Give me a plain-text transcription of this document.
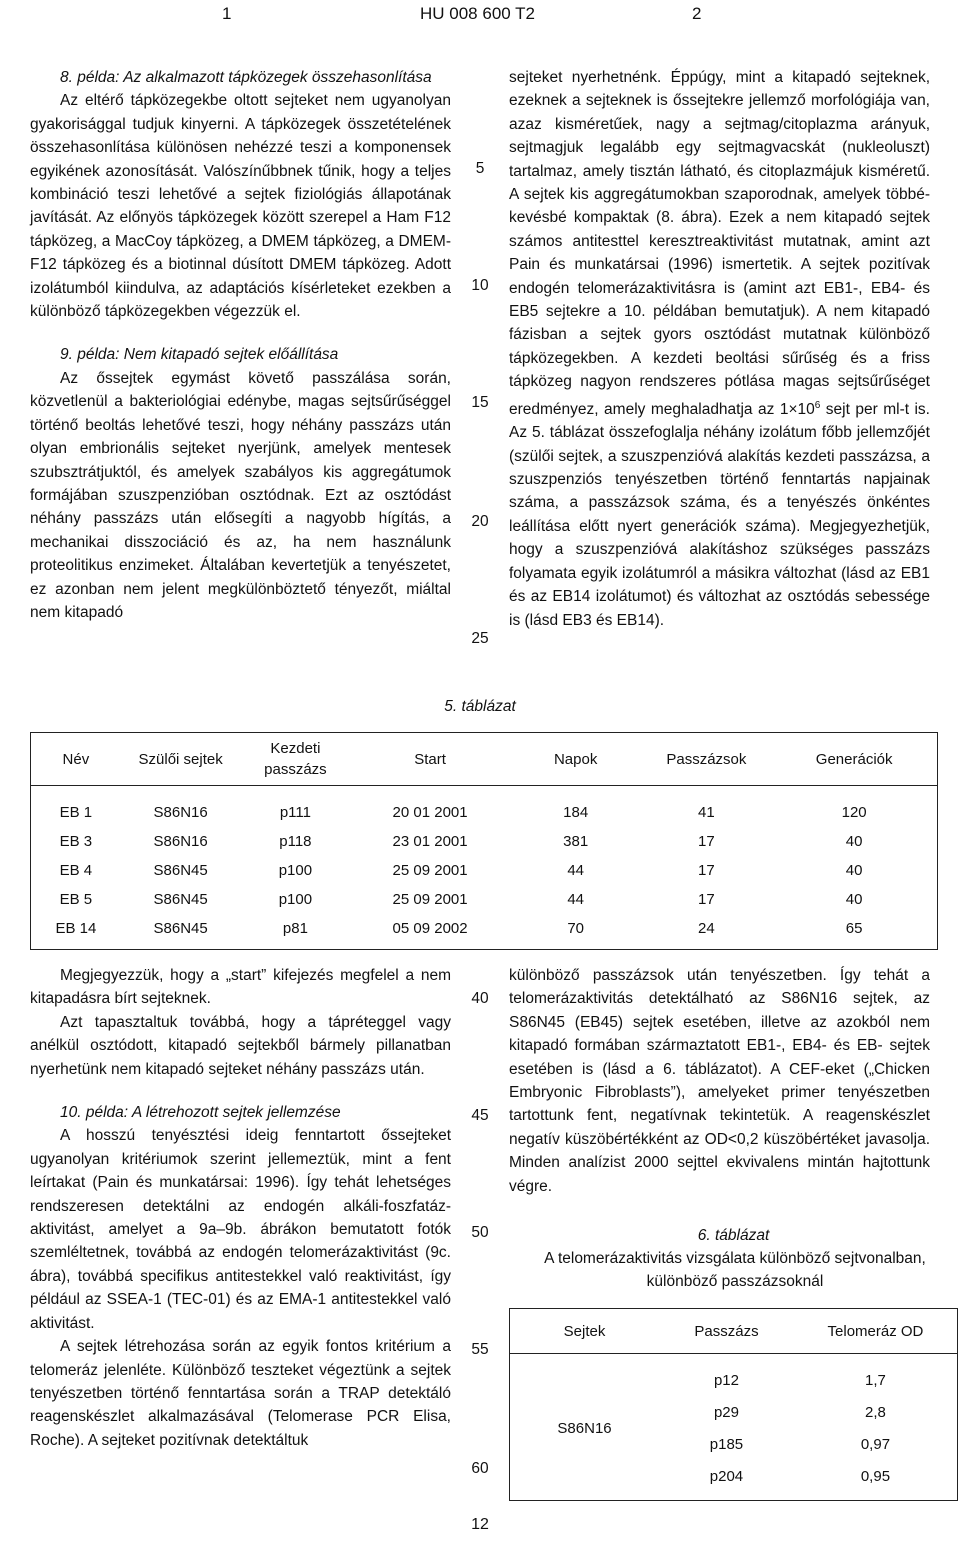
1	HU 008 600 T2	2

8. példa: Az alkalmazott tápközegek összehasonlítása

Az eltérő tápközegekbe oltott sejteket nem ugyanolyan gyakorisággal tudjuk kinyerni. A tápközegek összetételének összehasonlítása különösen nehézzé teszi a komponensek egyikének azonosítását. Valószínűbbnek tűnik, hogy a teljes kombináció teszi lehetővé a sejtek fiziológiás állapotának javítását. Az előnyös tápközegek között szerepel a Ham F12 tápközeg, a MacCoy tápközeg, a DMEM tápközeg, a DMEM-F12 tápközeg és a biotinnal dúsított DMEM tápközeg. Adott izolátumból kiindulva, az adaptációs kísérleteket ezekben a különböző tápközegekben végezzük el.

9. példa: Nem kitapadó sejtek előállítása

Az őssejtek egymást követő passzálása során, közvetlenül a bakteriológiai edénybe, magas sejtsűrűséggel történő beoltás lehetővé teszi, hogy néhány passzázs után olyan embrionális sejteket nyerjünk, amelyek mentesek szubsztrátjuktól, és amelyek szabályos kis aggregátumok formájában szuszpenzióban osztódnak. Ezt az osztódást néhány passzázs után elősegíti a nagyobb hígítás, a mechanikai disszociáció és az, ha nem használunk proteolitikus enzimeket. Általában kevertetjük a tenyészetet, ez azonban nem jelent megkülönböztető tényezőt, miáltal nem kitapadó

5
10
15
20
25

sejteket nyerhetnénk. Éppúgy, mint a kitapadó sejteknek, ezeknek a sejteknek is őssejtekre jellemző morfológiája van, azaz kisméretűek, nagy a sejtmag/citoplazma arányuk, sejtmagjuk legalább egy sejtmagvacskát (nukleoluszt) tartalmaz, amely tisztán látható, és citoplazmájuk kisméretű. A sejtek kis aggregátumokban szaporodnak, amelyek többé-kevésbé kompaktak (8. ábra). Ezek a nem kitapadó sejtek számos antitesttel keresztreaktivitást mutatnak, amint azt Pain és munkatársai (1996) ismertetik. A sejtek pozitívak endogén telomerázaktivitásra is (amint azt EB1-, EB4- és EB5 sejtekre a 10. példában bemutatjuk). A nem kitapadó fázisban a sejtek gyors osztódást mutatnak különböző tápközegekben. A kezdeti beoltási sűrűség és a friss tápközeg nagyon rendszeres pótlása magas sejtsűrűséget eredményez, amely meghaladhatja az $1\times 10^6$ sejt per ml-t is. Az 5. táblázat összefoglalja néhány izolátum főbb jellemzőjét (szülői sejtek, a szuszpenzióvá alakítás kezdeti passzázsa, a szuszpenziós tenyészetben történő fenntartás napjainak száma, a passzázsok száma, és a tenyészés önkéntes leállítása előtt nyert generációk száma). Megjegyezhetjük, hogy a szuszpenzióvá alakításhoz szükséges passzázs folyamata egyik izolátumról a másikra változhat (lásd az EB1 és az EB14 izolátumot) és változhat az osztódás sebessége is (lásd EB3 és EB14).

5. táblázat
Név	Szülői sejtek	Kezdeti passzázs	Start	Napok	Passzázsok	Generációk

EB 1	S86N16	p111	20 01 2001	184	41	120
EB 3	S86N16	p118	23 01 2001	381	17	40
EB 4	S86N45	p100	25 09 2001	44	17	40
EB 5	S86N45	p100	25 09 2001	44	17	40
EB 14	S86N45	p81	05 09 2002	70	24	65

Megjegyezzük, hogy a „start” kifejezés megfelel a nem kitapadásra bírt sejteknek.

Azt tapasztaltuk továbbá, hogy a tápréteggel vagy anélkül osztódott, kitapadó sejtekből bármely pillanatban nyerhetünk nem kitapadó sejteket néhány passzázs után.

10. példa: A létrehozott sejtek jellemzése

A hosszú tenyésztési ideig fenntartott őssejteket ugyanolyan kritériumok szerint jellemeztük, mint a fent leírtakat (Pain és munkatársai: 1996). Így tehát lehetséges rendszeresen detektálni az endogén alkáli-foszfatáz-aktivitást, amelyet a 9a–9b. ábrákon bemutatott fotók szemléltetnek, továbbá az endogén telomerázaktivitást (9c. ábra), továbbá specifikus antitestekkel való reaktivitást, így például az SSEA-1 (TEC-01) és az EMA-1 antitestekkel való aktivitást.

A sejtek létrehozása során az egyik fontos kritérium a telomeráz jelenléte. Különböző teszteket végeztünk a sejtek tenyészetben történő fenntartása során a TRAP detektáló reagenskészlet alkalmazásával (Telomerase PCR Elisa, Roche). A sejteket pozitívnak detektáltuk

40
45
50
55
60

különböző passzázsok után tenyészetben. Így tehát a telomerázaktivitás detektálható az S86N16 sejtek, az S86N45 (EB45) sejtek esetében, illetve az azokból nem kitapadó formában származtatott EB1-, EB4- és EB- sejtek esetében is (lásd a 6. táblázatot). A CEF-eket („Chicken Embryonic Fibroblasts”), amelyeket primer tenyészetben tartottunk fent, negatívnak tekintetük. A reagenskészlet negatív küszöbértékként az OD<0,2 küszöbértéket javasolja. Minden analízist 2000 sejttel ekvivalens mintán hajtottunk végre.

6. táblázat
A telomerázaktivitás vizsgálata különböző sejtvonalban, különböző passzázsoknál
Sejtek	Passzázs	Telomeráz OD

S86N16	p12	1,7
	p29	2,8
	p185	0,97
	p204	0,95

12
